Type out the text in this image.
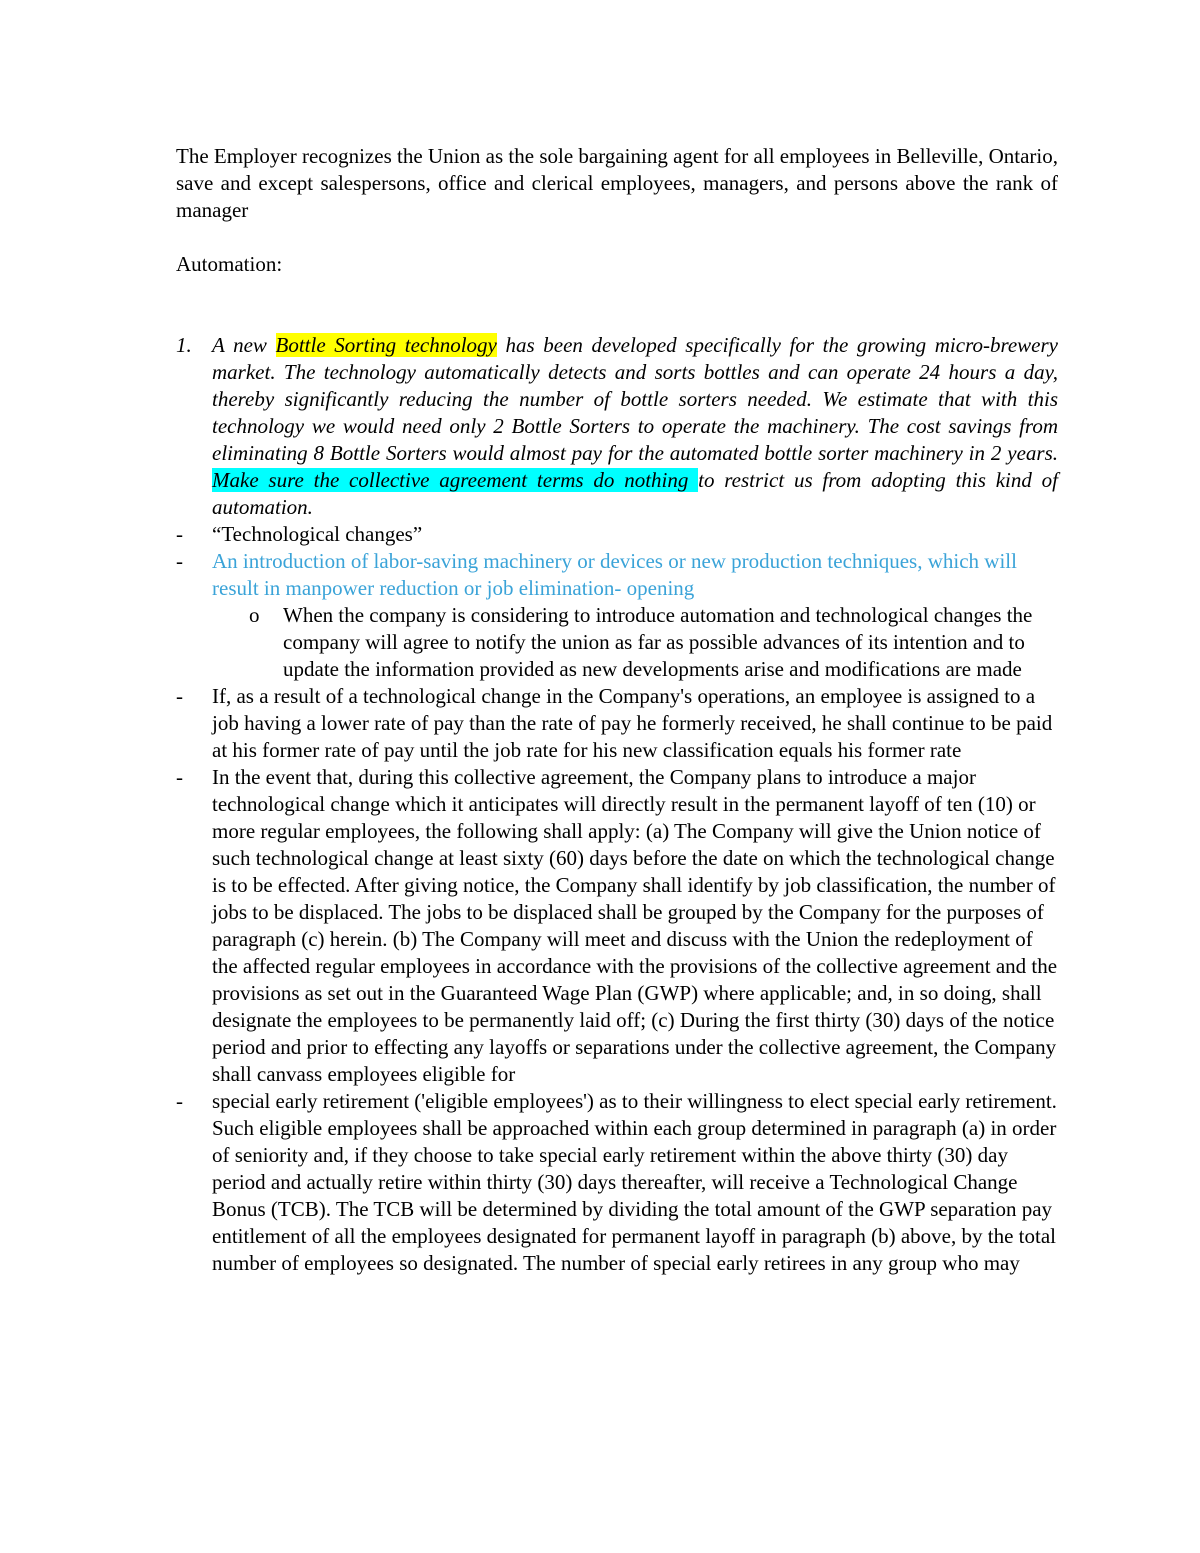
The Employer recognizes the Union as the sole bargaining agent for all employees in Belleville, Ontario, save and except salespersons, office and clerical employees, managers, and persons above the rank of manager

Automation:

1. A new Bottle Sorting technology has been developed specifically for the growing micro-brewery market. The technology automatically detects and sorts bottles and can operate 24 hours a day, thereby significantly reducing the number of bottle sorters needed. We estimate that with this technology we would need only 2 Bottle Sorters to operate the machinery. The cost savings from eliminating 8 Bottle Sorters would almost pay for the automated bottle sorter machinery in 2 years. Make sure the collective agreement terms do nothing to restrict us from adopting this kind of automation.
- “Technological changes”
- An introduction of labor-saving machinery or devices or new production techniques, which will result in manpower reduction or job elimination- opening
o When the company is considering to introduce automation and technological changes the company will agree to notify the union as far as possible advances of its intention and to update the information provided as new developments arise and modifications are made
- If, as a result of a technological change in the Company's operations, an employee is assigned to a job having a lower rate of pay than the rate of pay he formerly received, he shall continue to be paid at his former rate of pay until the job rate for his new classification equals his former rate
- In the event that, during this collective agreement, the Company plans to introduce a major technological change which it anticipates will directly result in the permanent layoff of ten (10) or more regular employees, the following shall apply: (a) The Company will give the Union notice of such technological change at least sixty (60) days before the date on which the technological change is to be effected. After giving notice, the Company shall identify by job classification, the number of jobs to be displaced. The jobs to be displaced shall be grouped by the Company for the purposes of paragraph (c) herein. (b) The Company will meet and discuss with the Union the redeployment of the affected regular employees in accordance with the provisions of the collective agreement and the provisions as set out in the Guaranteed Wage Plan (GWP) where applicable; and, in so doing, shall designate the employees to be permanently laid off; (c) During the first thirty (30) days of the notice period and prior to effecting any layoffs or separations under the collective agreement, the Company shall canvass employees eligible for
- special early retirement ('eligible employees') as to their willingness to elect special early retirement. Such eligible employees shall be approached within each group determined in paragraph (a) in order of seniority and, if they choose to take special early retirement within the above thirty (30) day period and actually retire within thirty (30) days thereafter, will receive a Technological Change Bonus (TCB). The TCB will be determined by dividing the total amount of the GWP separation pay entitlement of all the employees designated for permanent layoff in paragraph (b) above, by the total number of employees so designated. The number of special early retirees in any group who may
